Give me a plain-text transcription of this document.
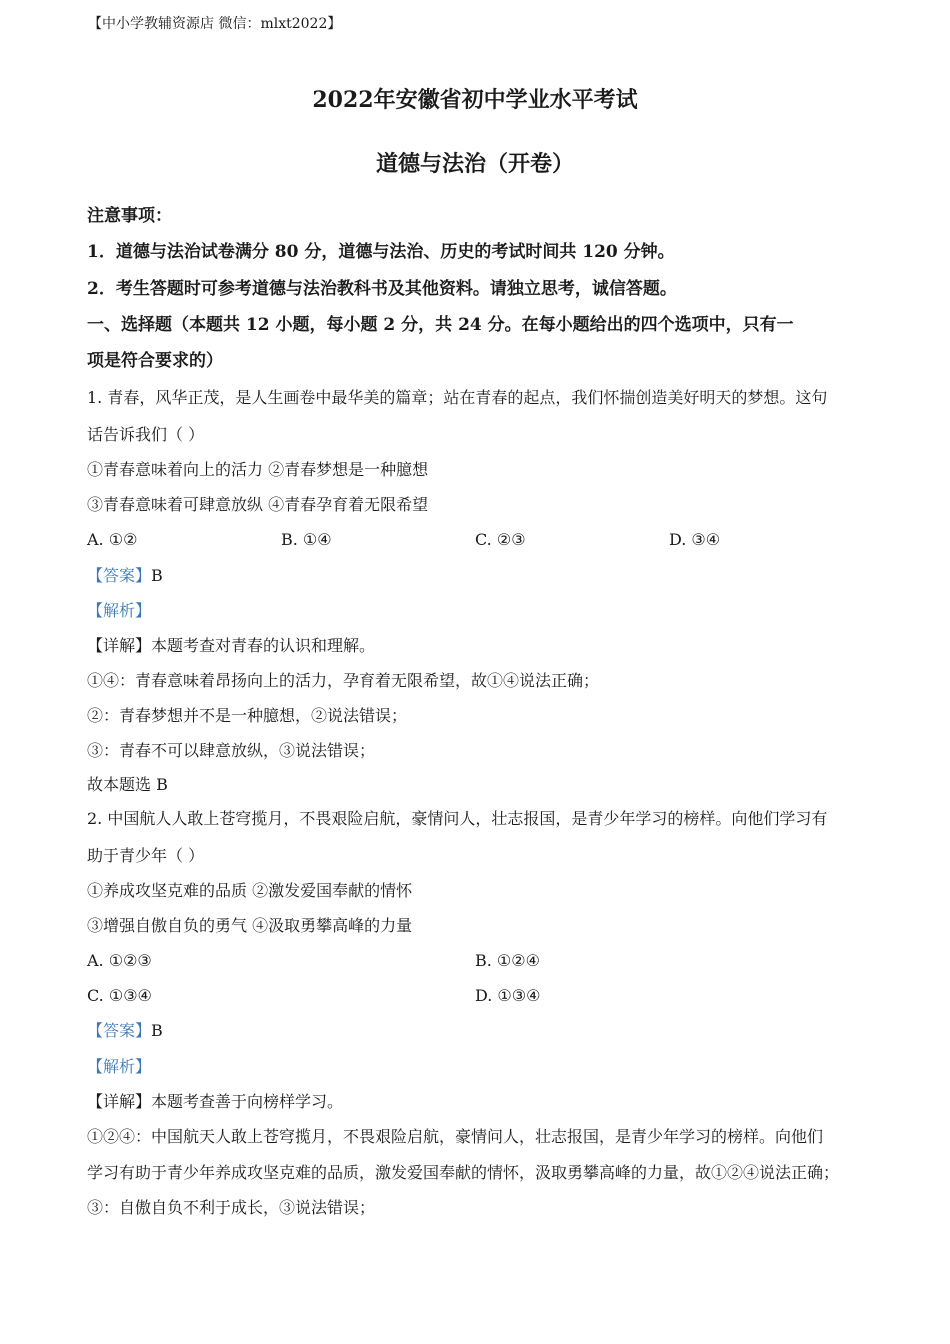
【中小学教辅资源店 微信：mlxt2022】
2022年安徽省初中学业水平考试
道德与法治（开卷）
注意事项：
1．道德与法治试卷满分 80 分，道德与法治、历史的考试时间共 120 分钟。
2．考生答题时可参考道德与法治教科书及其他资料。请独立思考，诚信答题。
一、选择题（本题共 12 小题，每小题 2 分，共 24 分。在每小题给出的四个选项中，只有一
项是符合要求的）
1. 青春，风华正茂，是人生画卷中最华美的篇章；站在青春的起点，我们怀揣创造美好明天的梦想。这句
话告诉我们（ ）
①青春意味着向上的活力 ②青春梦想是一种臆想
③青春意味着可肆意放纵 ④青春孕育着无限希望
A. ①②	B. ①④	C. ②③	D. ③④
【答案】B
【解析】
【详解】本题考查对青春的认识和理解。
①④：青春意味着昂扬向上的活力，孕育着无限希望，故①④说法正确；
②：青春梦想并不是一种臆想，②说法错误；
③：青春不可以肆意放纵，③说法错误；
故本题选 B
2. 中国航人人敢上苍穹揽月，不畏艰险启航，豪情问人，壮志报国，是青少年学习的榜样。向他们学习有
助于青少年（ ）
①养成攻坚克难的品质 ②激发爱国奉献的情怀
③增强自傲自负的勇气 ④汲取勇攀高峰的力量
A. ①②③	B. ①②④
C. ①③④	D. ①③④
【答案】B
【解析】
【详解】本题考查善于向榜样学习。
①②④：中国航天人敢上苍穹揽月，不畏艰险启航，豪情问人，壮志报国，是青少年学习的榜样。向他们
学习有助于青少年养成攻坚克难的品质，激发爱国奉献的情怀，汲取勇攀高峰的力量，故①②④说法正确；
③：自傲自负不利于成长，③说法错误；
